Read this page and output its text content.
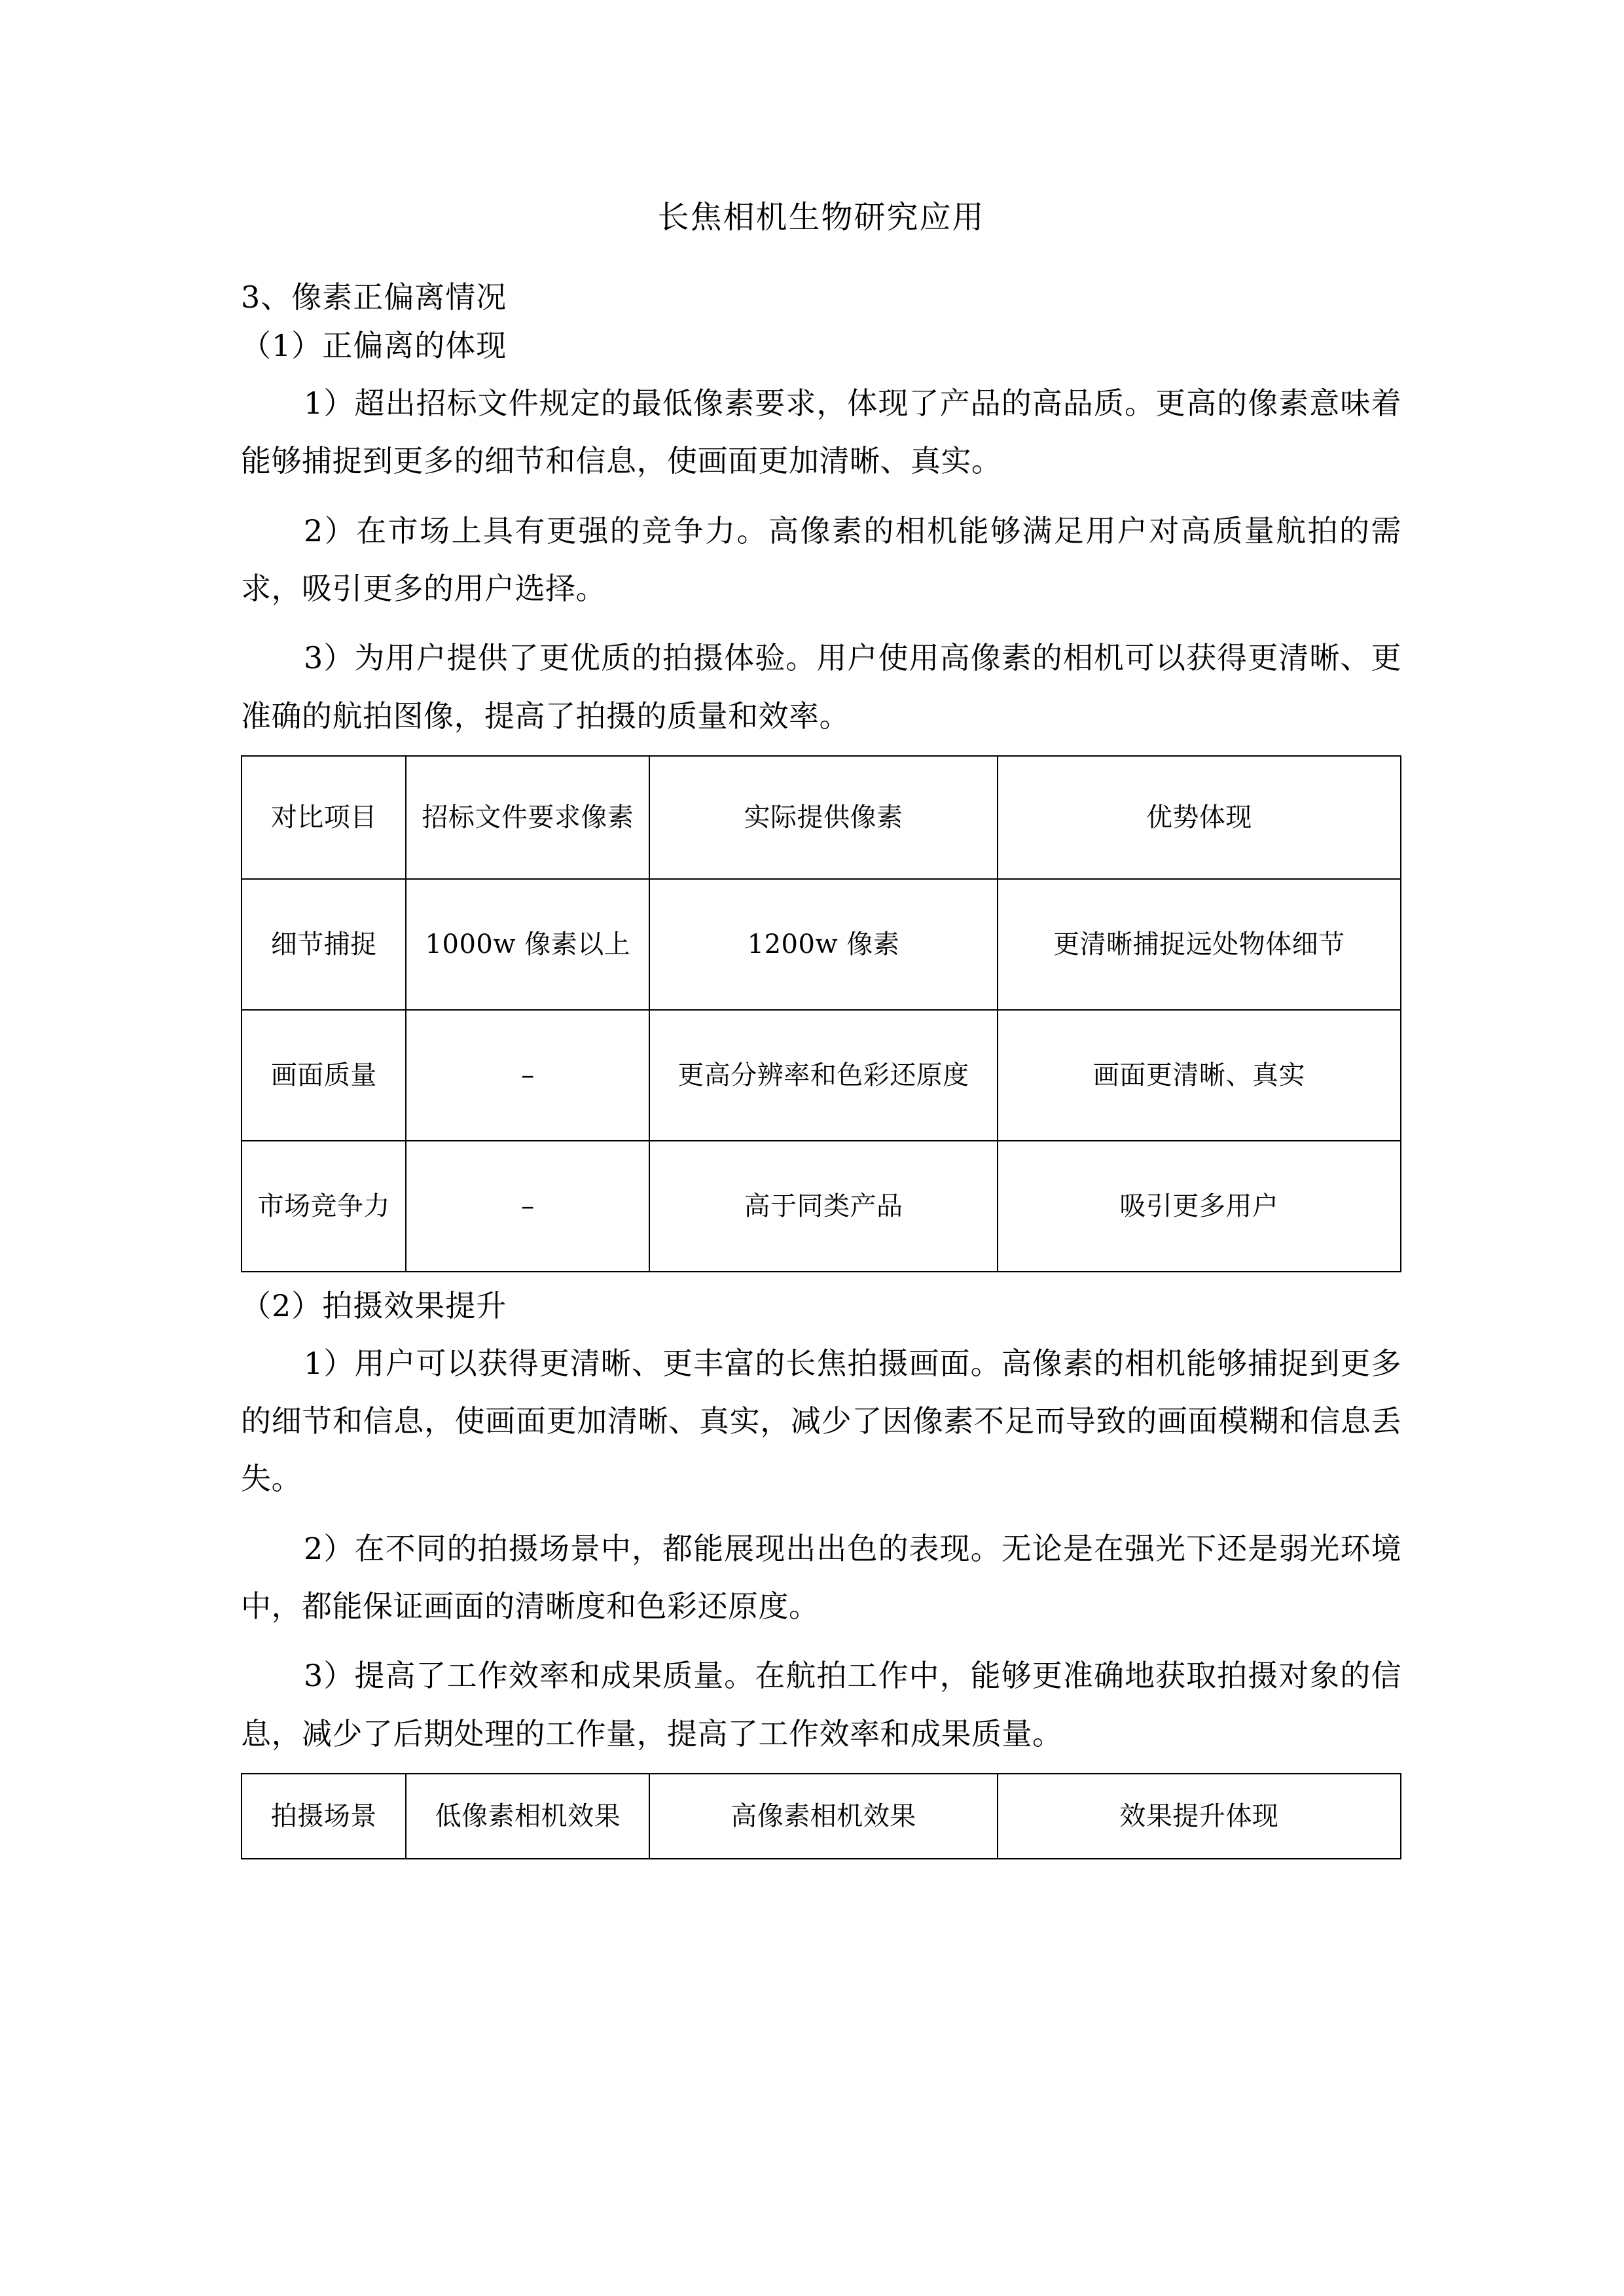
长焦相机生物研究应用

3、像素正偏离情况

（1）正偏离的体现

1）超出招标文件规定的最低像素要求，体现了产品的高品质。更高的像素意味着能够捕捉到更多的细节和信息，使画面更加清晰、真实。

2）在市场上具有更强的竞争力。高像素的相机能够满足用户对高质量航拍的需求，吸引更多的用户选择。

3）为用户提供了更优质的拍摄体验。用户使用高像素的相机可以获得更清晰、更准确的航拍图像，提高了拍摄的质量和效率。

对比项目	招标文件要求像素	实际提供像素	优势体现
细节捕捉	1000w 像素以上	1200w 像素	更清晰捕捉远处物体细节
画面质量	–	更高分辨率和色彩还原度	画面更清晰、真实
市场竞争力	–	高于同类产品	吸引更多用户

（2）拍摄效果提升

1）用户可以获得更清晰、更丰富的长焦拍摄画面。高像素的相机能够捕捉到更多的细节和信息，使画面更加清晰、真实，减少了因像素不足而导致的画面模糊和信息丢失。

2）在不同的拍摄场景中，都能展现出出色的表现。无论是在强光下还是弱光环境中，都能保证画面的清晰度和色彩还原度。

3）提高了工作效率和成果质量。在航拍工作中，能够更准确地获取拍摄对象的信息，减少了后期处理的工作量，提高了工作效率和成果质量。

拍摄场景	低像素相机效果	高像素相机效果	效果提升体现
